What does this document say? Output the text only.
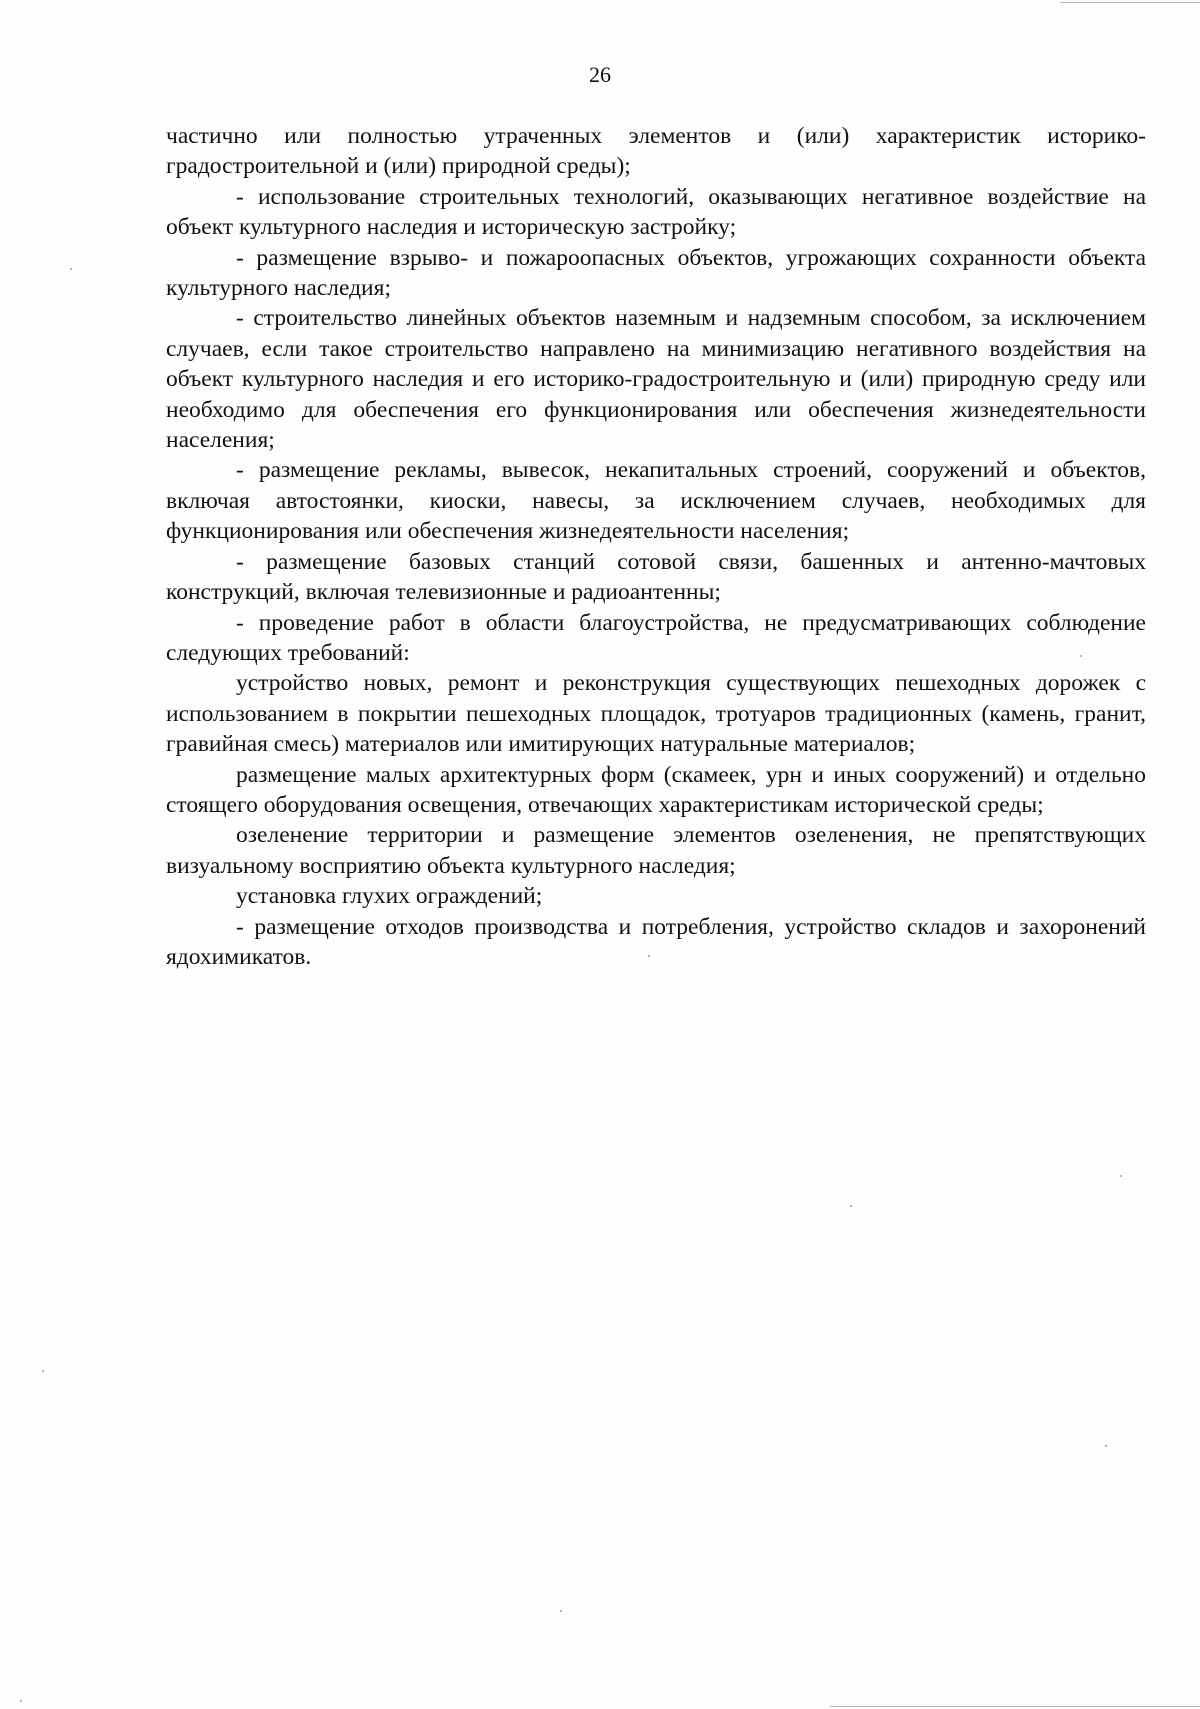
26

частично или полностью утраченных элементов и (или) характеристик историко-градостроительной и (или) природной среды);

- использование строительных технологий, оказывающих негативное воздействие на объект культурного наследия и историческую застройку;

- размещение взрыво- и пожароопасных объектов, угрожающих сохранности объекта культурного наследия;

- строительство линейных объектов наземным и надземным способом, за исключением случаев, если такое строительство направлено на минимизацию негативного воздействия на объект культурного наследия и его историко-градостроительную и (или) природную среду или необходимо для обеспечения его функционирования или обеспечения жизнедеятельности населения;

- размещение рекламы, вывесок, некапитальных строений, сооружений и объектов, включая автостоянки, киоски, навесы, за исключением случаев, необходимых для функционирования или обеспечения жизнедеятельности населения;

- размещение базовых станций сотовой связи, башенных и антенно-мачтовых конструкций, включая телевизионные и радиоантенны;

- проведение работ в области благоустройства, не предусматривающих соблюдение следующих требований:

устройство новых, ремонт и реконструкция существующих пешеходных дорожек с использованием в покрытии пешеходных площадок, тротуаров традиционных (камень, гранит, гравийная смесь) материалов или имитирующих натуральные материалов;

размещение малых архитектурных форм (скамеек, урн и иных сооружений) и отдельно стоящего оборудования освещения, отвечающих характеристикам исторической среды;

озеленение территории и размещение элементов озеленения, не препятствующих визуальному восприятию объекта культурного наследия;

установка глухих ограждений;

- размещение отходов производства и потребления, устройство складов и захоронений ядохимикатов.
